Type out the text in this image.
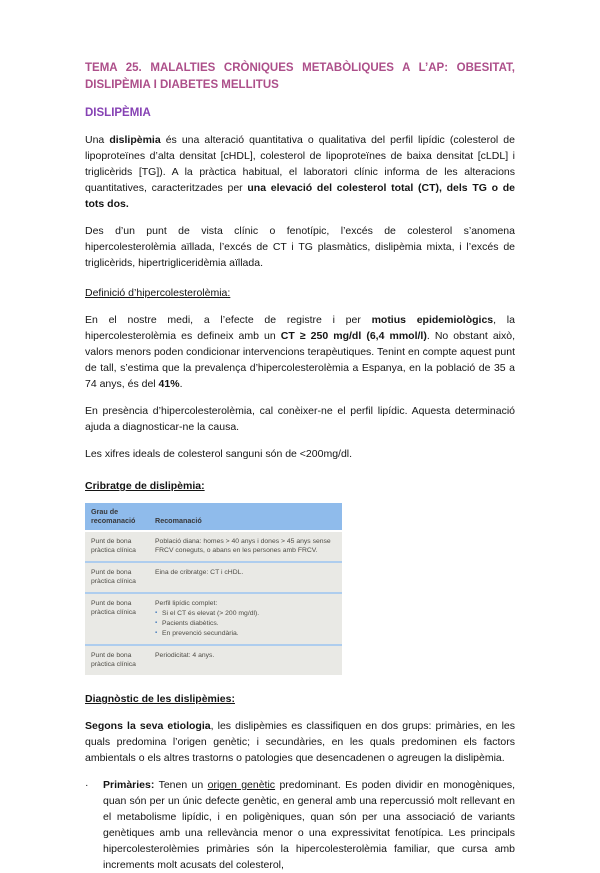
TEMA 25. MALALTIES CRÒNIQUES METABÒLIQUES A L’AP: OBESITAT, DISLIPÈMIA I DIABETES MELLITUS

DISLIPÈMIA

Una dislipèmia és una alteració quantitativa o qualitativa del perfil lipídic (colesterol de lipoproteïnes d’alta densitat [cHDL], colesterol de lipoproteïnes de baixa densitat [cLDL] i triglicèrids [TG]). A la pràctica habitual, el laboratori clínic informa de les alteracions quantitatives, caracteritzades per una elevació del colesterol total (CT), dels TG o de tots dos.

Des d’un punt de vista clínic o fenotípic, l’excés de colesterol s’anomena hipercolesterolèmia aïllada, l’excés de CT i TG plasmàtics, dislipèmia mixta, i l’excés de triglicèrids, hipertrigliceridèmia aïllada.

Definició d’hipercolesterolèmia:

En el nostre medi, a l’efecte de registre i per motius epidemiològics, la hipercolesterolèmia es defineix amb un CT ≥ 250 mg/dl (6,4 mmol/l). No obstant això, valors menors poden condicionar intervencions terapèutiques. Tenint en compte aquest punt de tall, s’estima que la prevalença d’hipercolesterolèmia a Espanya, en la població de 35 a 74 anys, és del 41%.

En presència d’hipercolesterolèmia, cal conèixer-ne el perfil lipídic. Aquesta determinació ajuda a diagnosticar-ne la causa.

Les xifres ideals de colesterol sanguni són de <200mg/dl.

Cribratge de dislipèmia:

Grau de recomanació	Recomanació
Punt de bona pràctica clínica
Població diana: homes > 40 anys i dones > 45 anys sense FRCV coneguts, o abans en les persones amb FRCV.
Punt de bona pràctica clínica
Eina de cribratge: CT i cHDL.
Punt de bona pràctica clínica
Perfil lipídic complet:
▪ Si el CT és elevat (> 200 mg/dl).
▪ Pacients diabètics.
▪ En prevenció secundària.
Punt de bona pràctica clínica
Periodicitat: 4 anys.

Diagnòstic de les dislipèmies:

Segons la seva etiologia, les dislipèmies es classifiquen en dos grups: primàries, en les quals predomina l’origen genètic; i secundàries, en les quals predominen els factors ambientals o els altres trastorns o patologies que desencadenen o agreugen la dislipèmia.

·	Primàries: Tenen un origen genètic predominant. Es poden dividir en monogèniques, quan són per un únic defecte genètic, en general amb una repercussió molt rellevant en el metabolisme lipídic, i en poligèniques, quan són per una associació de variants genètiques amb una rellevància menor o una expressivitat fenotípica. Les principals hipercolesterolèmies primàries són la hipercolesterolèmia familiar, que cursa amb increments molt acusats del colesterol,
